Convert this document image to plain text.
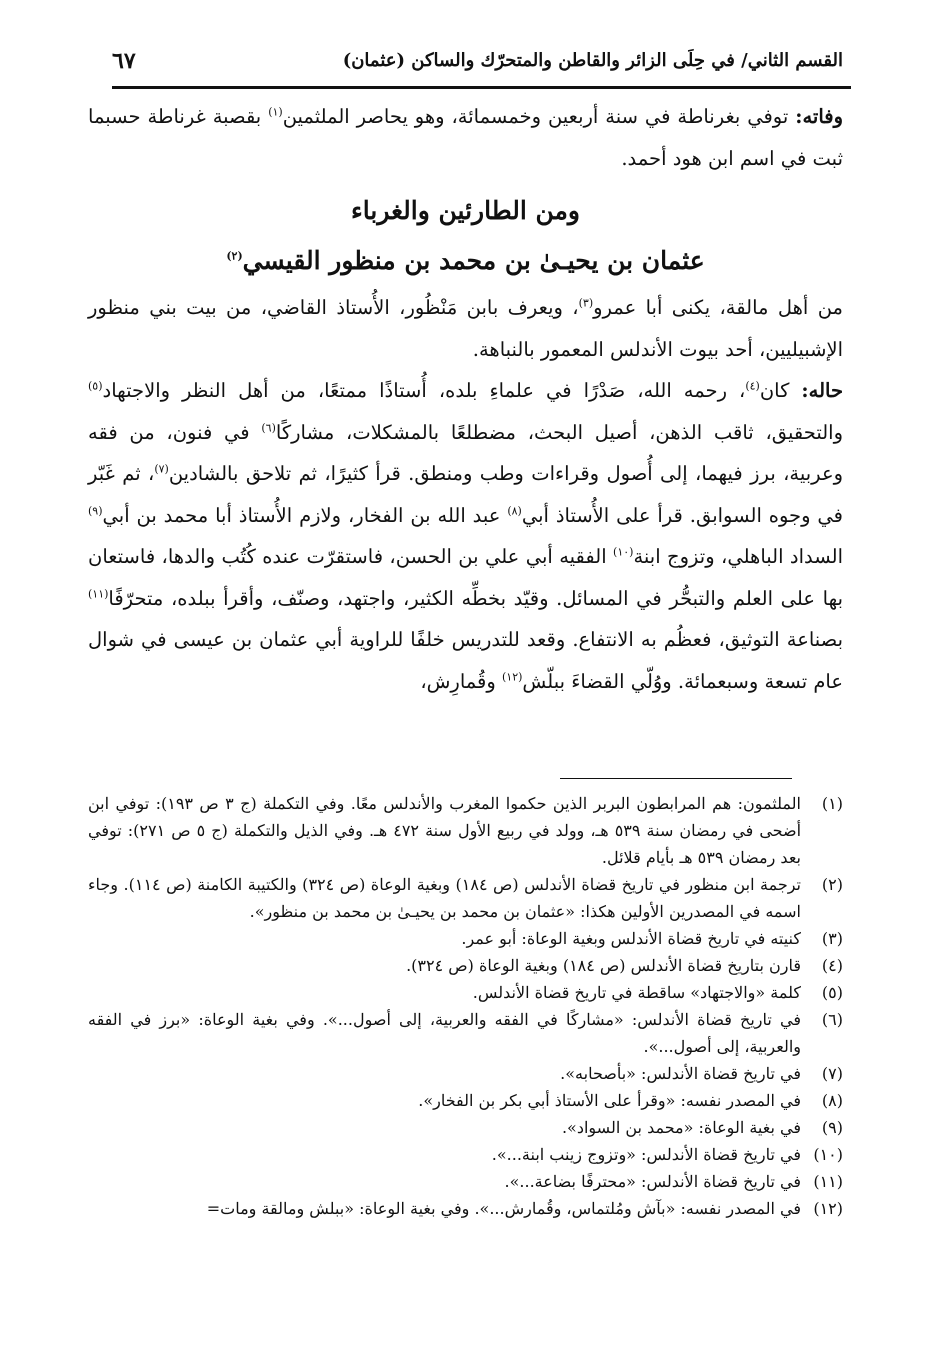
القسم الثاني/ في حِلَى الزائر والقاطن والمتحرّك والساكن (عثمان)
٦٧

وفاته: توفي بغرناطة في سنة أربعين وخمسمائة، وهو يحاصر الملثمين$^{(١)}$ بقصبة غرناطة حسبما ثبت في اسم ابن هود أحمد.

ومن الطارئين والغرباء
عثمان بن يحيـىٰ بن محمد بن منظور القيسي$^{(٢)}$

من أهل مالقة، يكنى أبا عمرو$^{(٣)}$، ويعرف بابن مَنْظُور، الأُستاذ القاضي، من بيت بني منظور الإشبيليين، أحد بيوت الأندلس المعمور بالنباهة.

حاله: كان$^{(٤)}$، رحمه الله، صَدْرًا في علماءِ بلده، أُستاذًا ممتعًا، من أهل النظر والاجتهاد$^{(٥)}$ والتحقيق، ثاقب الذهن، أصيل البحث، مضطلعًا بالمشكلات، مشاركًا$^{(٦)}$ في فنون، من فقه وعربية، برز فيهما، إلى أُصول وقراءات وطب ومنطق. قرأ كثيرًا، ثم تلاحق بالشادين$^{(٧)}$، ثم غَبّر في وجوه السوابق. قرأ على الأُستاذ أبي$^{(٨)}$ عبد الله بن الفخار، ولازم الأُستاذ أبا محمد بن أبي$^{(٩)}$ السداد الباهلي، وتزوج ابنة$^{(١٠)}$ الفقيه أبي علي بن الحسن، فاستقرّت عنده كُتُب والدها، فاستعان بها على العلم والتبحُّر في المسائل. وقيّد بخطِّه الكثير، واجتهد، وصنّف، وأقرأ ببلده، متحرّفًا$^{(١١)}$ بصناعة التوثيق، فعظُم به الانتفاع. وقعد للتدريس خلفًا للراوية أبي عثمان بن عيسى في شوال عام تسعة وسبعمائة. ووُلّي القضاءَ ببلّش$^{(١٢)}$ وقُمارِش،

(١)
الملثمون: هم المرابطون البربر الذين حكموا المغرب والأندلس معًا. وفي التكملة (ج ٣ ص ١٩٣): توفي ابن أضحى في رمضان سنة ٥٣٩ هـ، وولد في ربيع الأول سنة ٤٧٢ هـ. وفي الذيل والتكملة (ج ٥ ص ٢٧١): توفي بعد رمضان ٥٣٩ هـ بأيام قلائل.

(٢)
ترجمة ابن منظور في تاريخ قضاة الأندلس (ص ١٨٤) وبغية الوعاة (ص ٣٢٤) والكتيبة الكامنة (ص ١١٤). وجاء اسمه في المصدرين الأولين هكذا: «عثمان بن محمد بن يحيـىٰ بن محمد بن منظور».

(٣)
كنيته في تاريخ قضاة الأندلس وبغية الوعاة: أبو عمر.

(٤)
قارن بتاريخ قضاة الأندلس (ص ١٨٤) وبغية الوعاة (ص ٣٢٤).

(٥)
كلمة «والاجتهاد» ساقطة في تاريخ قضاة الأندلس.

(٦)
في تاريخ قضاة الأندلس: «مشاركًا في الفقه والعربية، إلى أصول...». وفي بغية الوعاة: «برز في الفقه والعربية، إلى أصول...».

(٧)
في تاريخ قضاة الأندلس: «بأصحابه».

(٨)
في المصدر نفسه: «وقرأ على الأستاذ أبي بكر بن الفخار».

(٩)
في بغية الوعاة: «محمد بن السواد».

(١٠)
في تاريخ قضاة الأندلس: «وتزوج زينب ابنة...».

(١١)
في تاريخ قضاة الأندلس: «محترفًا بضاعة...».

(١٢)
في المصدر نفسه: «بآش ومُلتماس، وقُمارش...». وفي بغية الوعاة: «ببلش ومالقة ومات=
